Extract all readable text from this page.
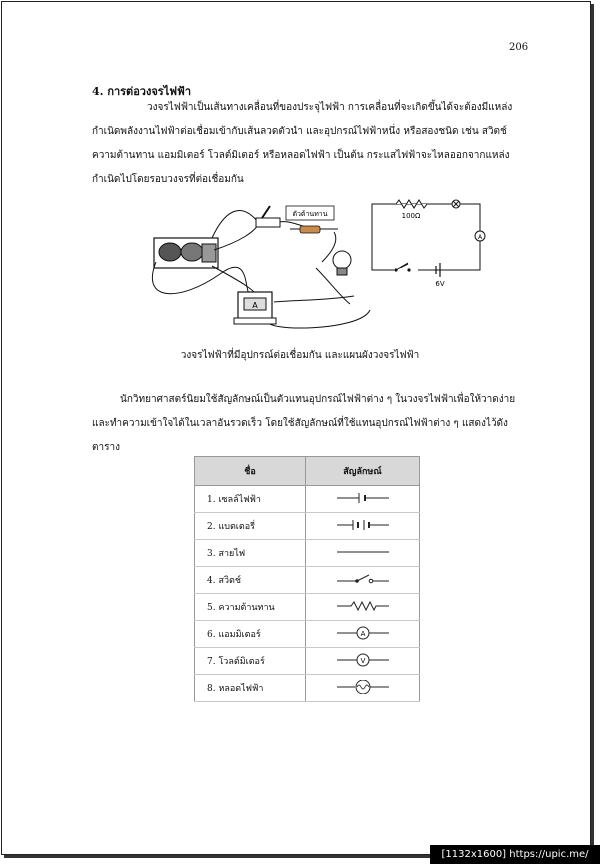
206
4. การต่อวงจรไฟฟ้า

วงจรไฟฟ้าเป็นเส้นทางเคลื่อนที่ของประจุไฟฟ้า การเคลื่อนที่จะเกิดขึ้นได้จะต้องมีแหล่งกำเนิดพลังงานไฟฟ้าต่อเชื่อมเข้ากับเส้นลวดตัวนำ และอุปกรณ์ไฟฟ้าหนึ่ง หรือสองชนิด เช่น สวิตช์ความต้านทาน แอมมิเตอร์ โวลต์มิเตอร์ หรือหลอดไฟฟ้า เป็นต้น กระแสไฟฟ้าจะไหลออกจากแหล่งกำเนิดไปโดยรอบวงจรที่ต่อเชื่อมกัน

ตัวต้านทาน
A
100Ω
6V
A
วงจรไฟฟ้าที่มีอุปกรณ์ต่อเชื่อมกัน และแผนผังวงจรไฟฟ้า

นักวิทยาศาสตร์นิยมใช้สัญลักษณ์เป็นตัวแทนอุปกรณ์ไฟฟ้าต่าง ๆ ในวงจรไฟฟ้าเพื่อให้วาดง่าย และทำความเข้าใจได้ในเวลาอันรวดเร็ว โดยใช้สัญลักษณ์ที่ใช้แทนอุปกรณ์ไฟฟ้าต่าง ๆ แสดงไว้ดังตาราง

ชื่อ	สัญลักษณ์
1. เซลล์ไฟฟ้า	
2. แบตเตอรี่	
3. สายไฟ	
4. สวิตช์	
5. ความต้านทาน	
6. แอมมิเตอร์	A

7. โวลต์มิเตอร์	V

8. หลอดไฟฟ้า	
[1132x1600] https://upic.me/
